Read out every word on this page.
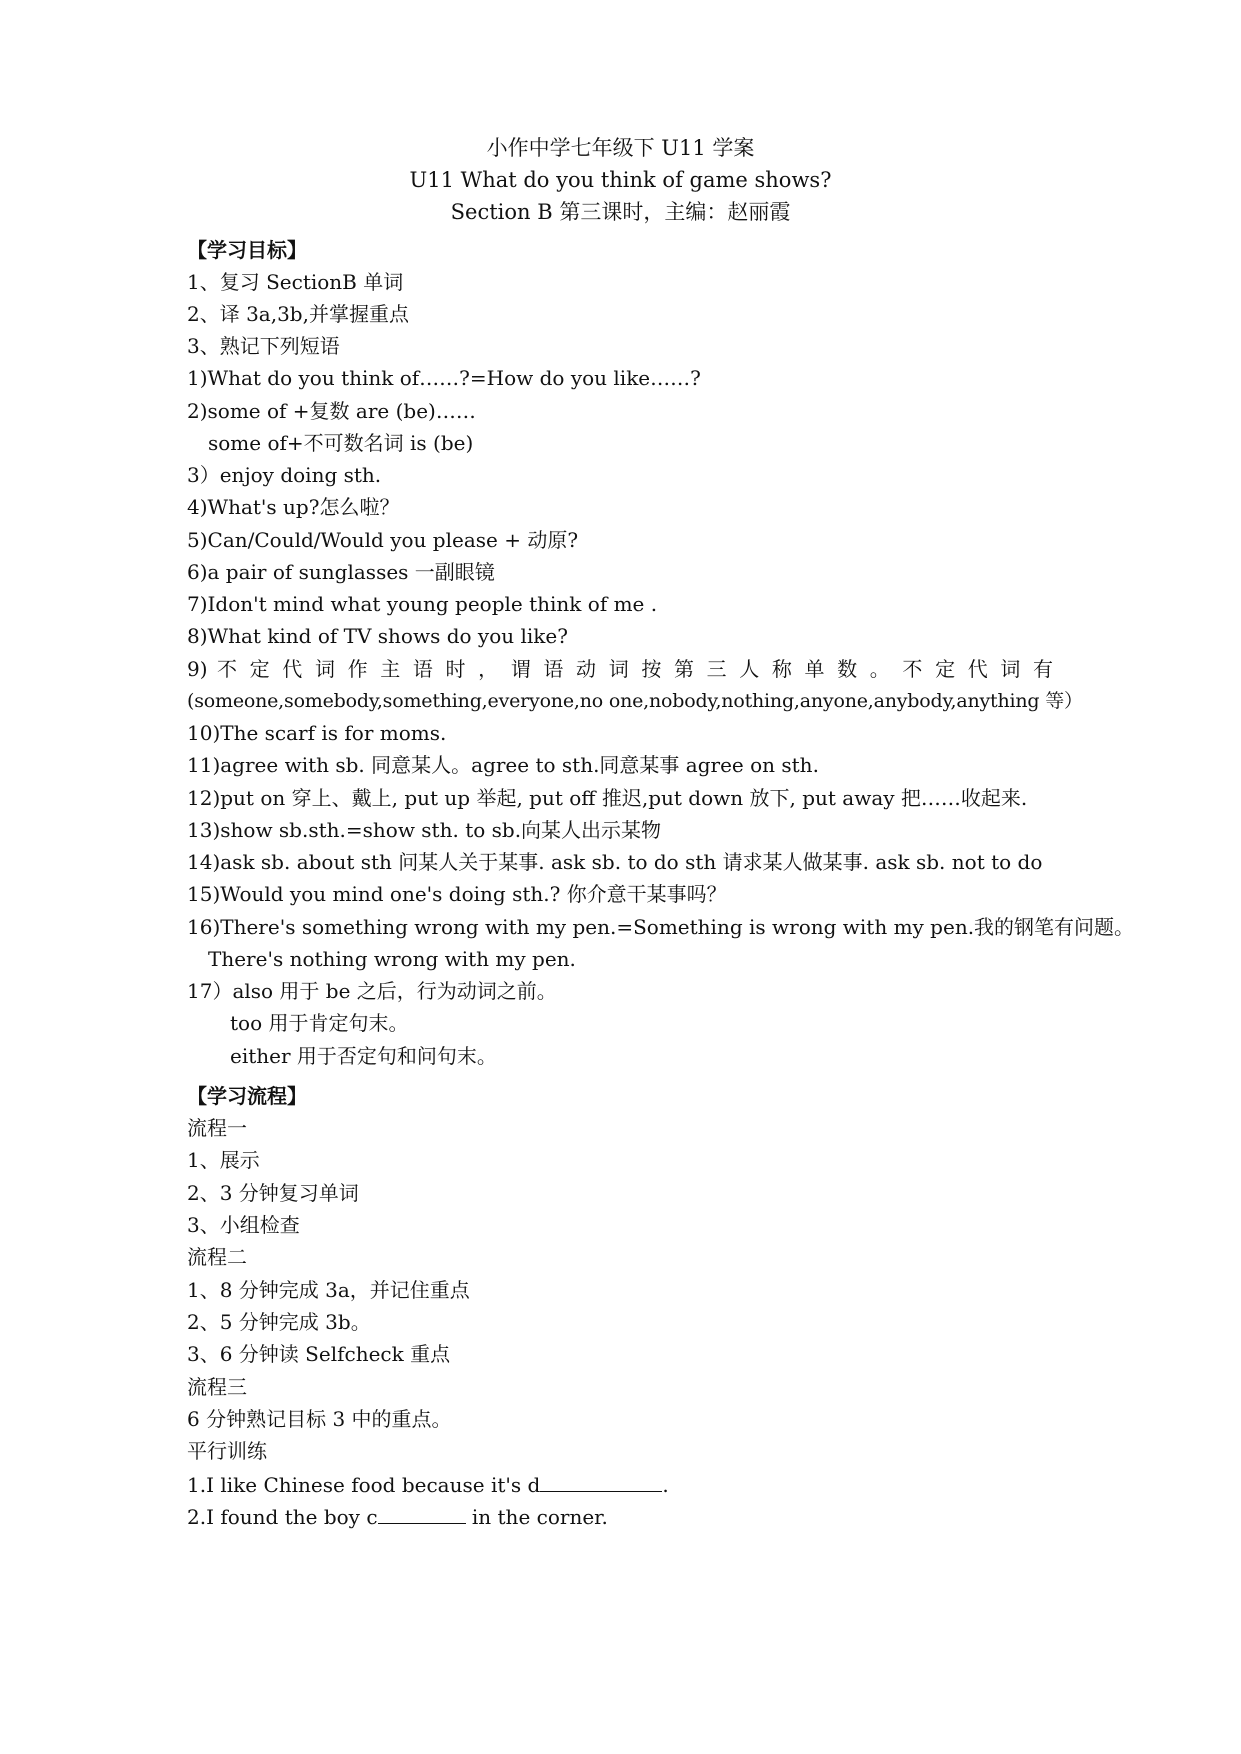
小作中学七年级下 U11 学案
U11 What do you think of game shows?
Section B 第三课时，主编：赵丽霞
【学习目标】
1、复习 SectionB 单词
2、译 3a,3b,并掌握重点
3、熟记下列短语
1)What do you think of……?=How do you like……?
2)some of +复数 are (be)……
some of+不可数名词 is (be)
3）enjoy doing sth.
4)What's up?怎么啦？
5)Can/Could/Would you please + 动原?
6)a pair of sunglasses 一副眼镜
7)Idon't mind what young people think of me .
8)What kind of TV shows do you like?
9) 不 定 代 词 作 主 语 时 ， 谓 语 动 词 按 第 三 人 称 单 数 。 不 定 代 词 有
(someone,somebody,something,everyone,no one,nobody,nothing,anyone,anybody,anything 等）
10)The scarf is for moms.
11)agree with sb. 同意某人。agree to sth.同意某事 agree on sth.
12)put on 穿上、戴上, put up 举起, put off 推迟,put down 放下, put away 把……收起来.
13)show sb.sth.=show sth. to sb.向某人出示某物
14)ask sb. about sth 问某人关于某事. ask sb. to do sth 请求某人做某事. ask sb. not to do
15)Would you mind one's doing sth.? 你介意干某事吗？
16)There's something wrong with my pen.=Something is wrong with my pen.我的钢笔有问题。
There's nothing wrong with my pen.
17）also 用于 be 之后，行为动词之前。
too 用于肯定句末。
either 用于否定句和问句末。
【学习流程】
流程一
1、展示
2、3 分钟复习单词
3、小组检查
流程二
1、8 分钟完成 3a，并记住重点
2、5 分钟完成 3b。
3、6 分钟读 Selfcheck 重点
流程三
6 分钟熟记目标 3 中的重点。
平行训练
1.I like Chinese food because it's d	.
2.I found the boy c	in the corner.
